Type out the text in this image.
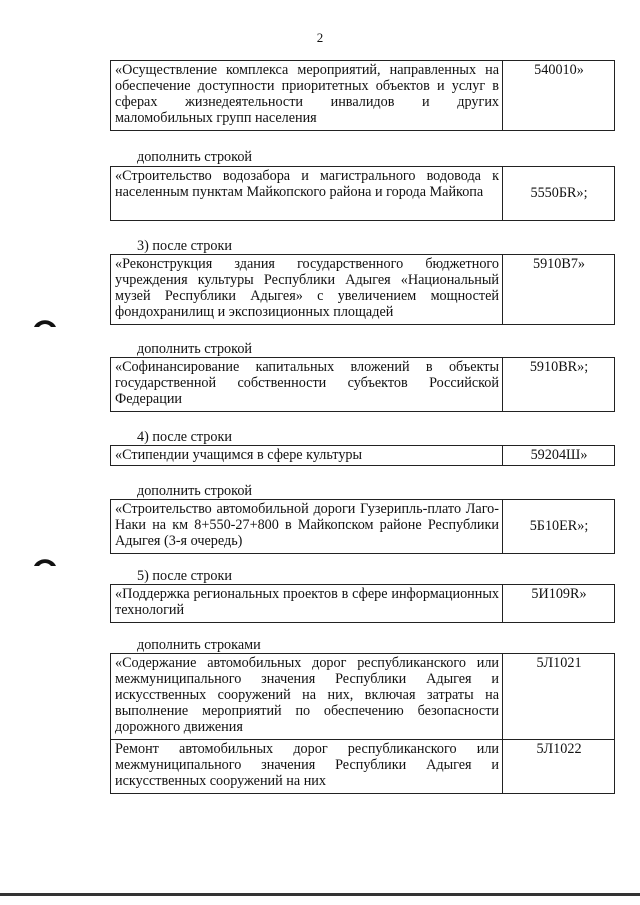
2
«Осуществление комплекса мероприятий, направленных на обеспечение доступности приоритетных объектов и услуг в сферах жизнедеятельности инвалидов и других маломобильных групп населения	540010»
дополнить строкой
«Строительство водозабора и магистрального водовода к населенным пунктам Майкопского района и города Майкопа	5550БR»;
3) после строки
«Реконструкция здания государственного бюджетного учреждения культуры Республики Адыгея «Национальный музей Республики Адыгея» с увеличением мощностей фондохранилищ и экспозиционных площадей	5910В7»
дополнить строкой
«Софинансирование капитальных вложений в объекты государственной собственности субъектов Российской Федерации	5910BR»;
4) после строки
«Стипендии учащимся в сфере культуры	59204Ш»
дополнить строкой
«Строительство автомобильной дороги Гузерипль-плато Лаго-Наки на км 8+550-27+800 в Майкопском районе Республики Адыгея (3-я очередь)	5Б10ER»;
5) после строки
«Поддержка региональных проектов в сфере информационных технологий	5И109R»
дополнить строками
«Содержание автомобильных дорог республиканского или межмуниципального значения Республики Адыгея и искусственных сооружений на них, включая затраты на выполнение мероприятий по обеспечению безопасности дорожного движения	5Л1021
Ремонт автомобильных дорог республиканского или межмуниципального значения Республики Адыгея и искусственных сооружений на них	5Л1022
